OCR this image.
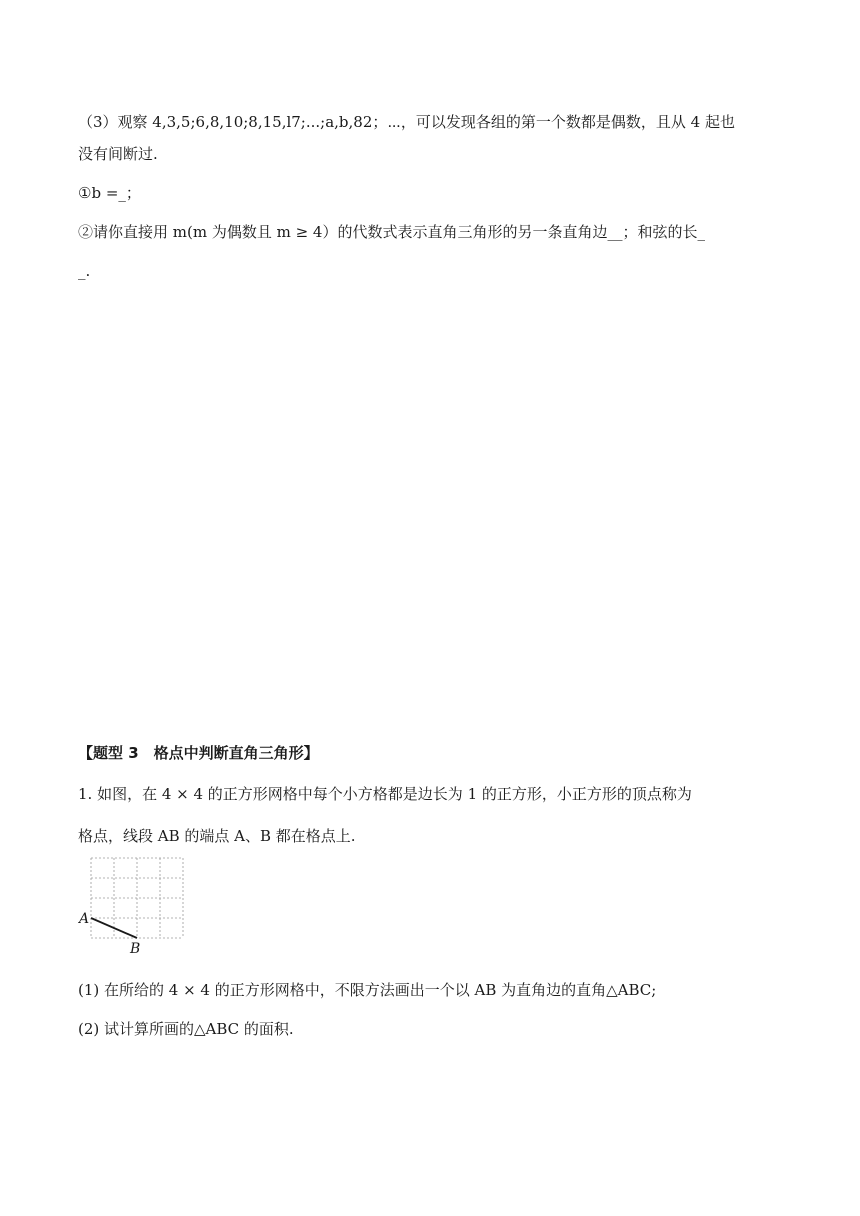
（3）观察 4,3,5;6,8,10;8,15,l7;...;a,b,82；⋯，可以发现各组的第一个数都是偶数，且从 4 起也
没有间断过.
①b =_；
②请你直接用 m(m 为偶数且 m ≥ 4）的代数式表示直角三角形的另一条直角边__；和弦的长_
_.
【题型 3　格点中判断直角三角形】
1. 如图，在 4 × 4 的正方形网格中每个小方格都是边长为 1 的正方形，小正方形的顶点称为
格点，线段 AB 的端点 A、B 都在格点上.
A
B
(1) 在所给的 4 × 4 的正方形网格中，不限方法画出一个以 AB 为直角边的直角△ABC;
(2) 试计算所画的△ABC 的面积.
